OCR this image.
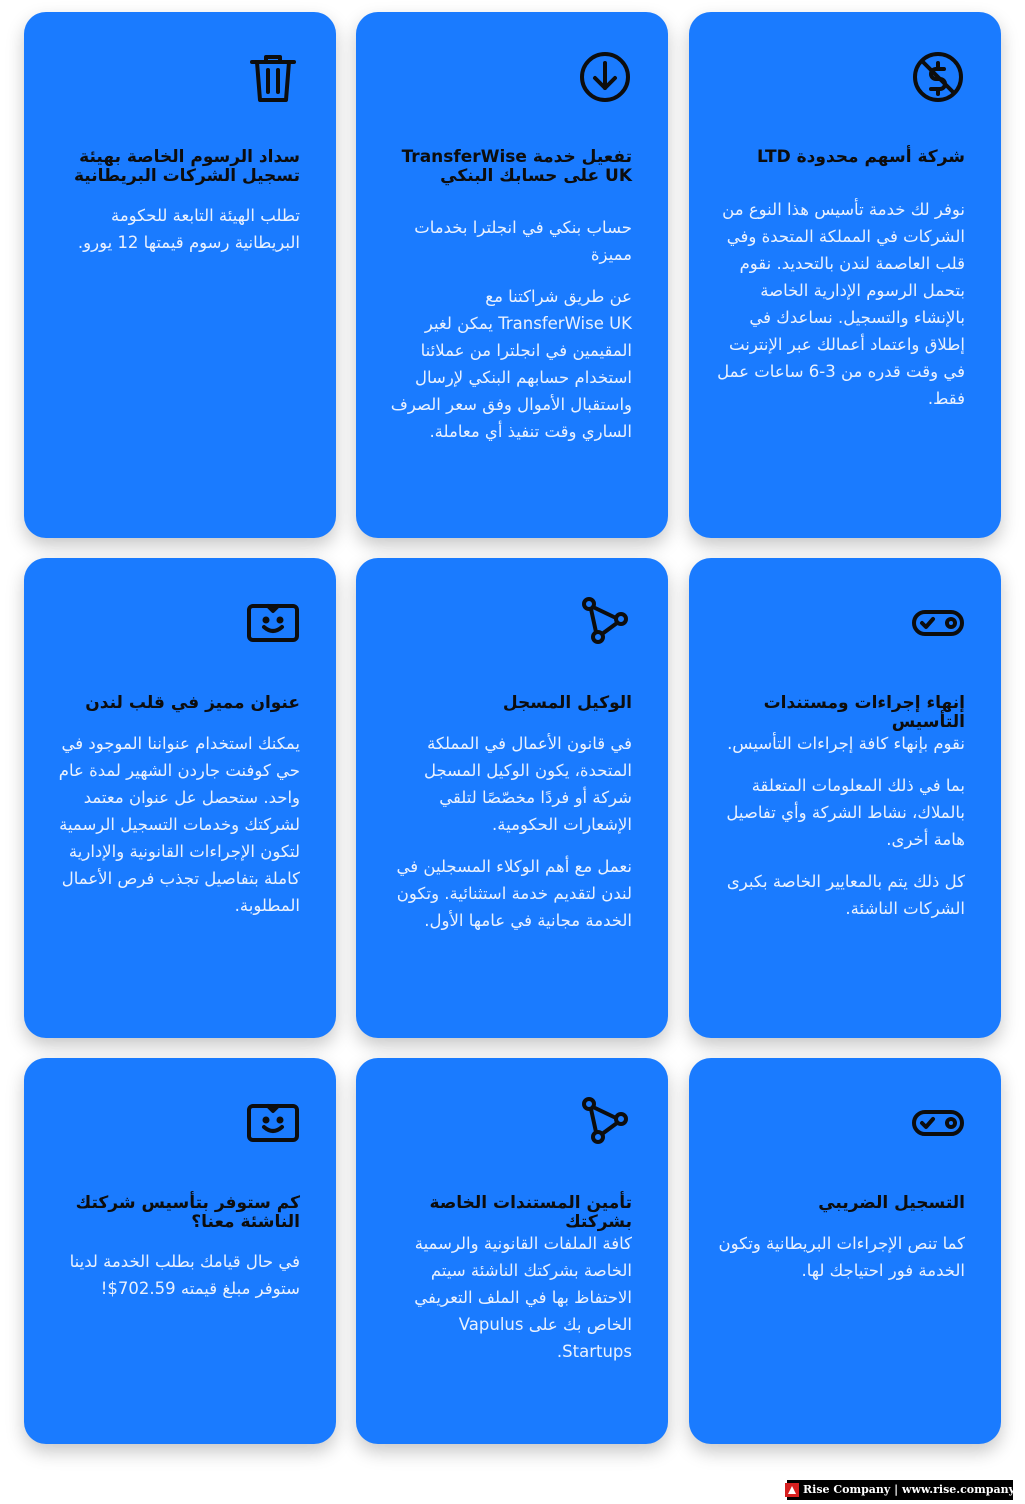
شركة أسهم محدودة LTD

نوفر لك خدمة تأسيس هذا النوع من الشركات في المملكة المتحدة وفي قلب العاصمة لندن بالتحديد. نقوم بتحمل الرسوم الإدارية الخاصة بالإنشاء والتسجيل. نساعدك في إطلاق واعتماد أعمالك عبر الإنترنت في وقت قدره من 3-6 ساعات عمل فقط.

تفعيل خدمة TransferWise UK على حسابك البنكي

حساب بنكي في انجلترا بخدمات مميزة

عن طريق شراكتنا مع TransferWise UK يمكن لغير المقيمين في انجلترا من عملائنا استخدام حسابهم البنكي لإرسال واستقبال الأموال وفق سعر الصرف الساري وقت تنفيذ أي معاملة.

سداد الرسوم الخاصة بهيئة تسجيل الشركات البريطانية

تطلب الهيئة التابعة للحكومة البريطانية رسوم قيمتها 12 يورو.

إنهاء إجراءات ومستندات التأسيس

نقوم بإنهاء كافة إجراءات التأسيس.

بما في ذلك المعلومات المتعلقة بالملاك، نشاط الشركة وأي تفاصيل هامة أخرى.

كل ذلك يتم بالمعايير الخاصة بكبرى الشركات الناشئة.

الوكيل المسجل

في قانون الأعمال في المملكة المتحدة، يكون الوكيل المسجل شركة أو فردًا مخصّصًا لتلقي الإشعارات الحكومية.

نعمل مع أهم الوكلاء المسجلين في لندن لتقديم خدمة استثنائية. وتكون الخدمة مجانية في عامها الأول.

عنوان مميز في قلب لندن

يمكنك استخدام عنواننا الموجود في حي كوفنت جاردن الشهير لمدة عام واحد. ستحصل عل عنوان معتمد لشركتك وخدمات التسجيل الرسمية لتكون الإجراءات القانونية والإدارية كاملة بتفاصيل تجذب فرص الأعمال المطلوبة.

التسجيل الضريبي

كما تنص الإجراءات البريطانية وتكون الخدمة فور احتياجك لها.

تأمين المستندات الخاصة بشركتك

كافة الملفات القانونية والرسمية الخاصة بشركتك الناشئة سيتم الاحتفاظ بها في الملف التعريفي الخاص بك على Vapulus Startups.

كم ستوفر بتأسيس شركتك الناشئة معنا؟

في حال قيامك بطلب الخدمة لدينا ستوفر مبلغ قيمته 702.59$!

Rise Company | www.rise.company
